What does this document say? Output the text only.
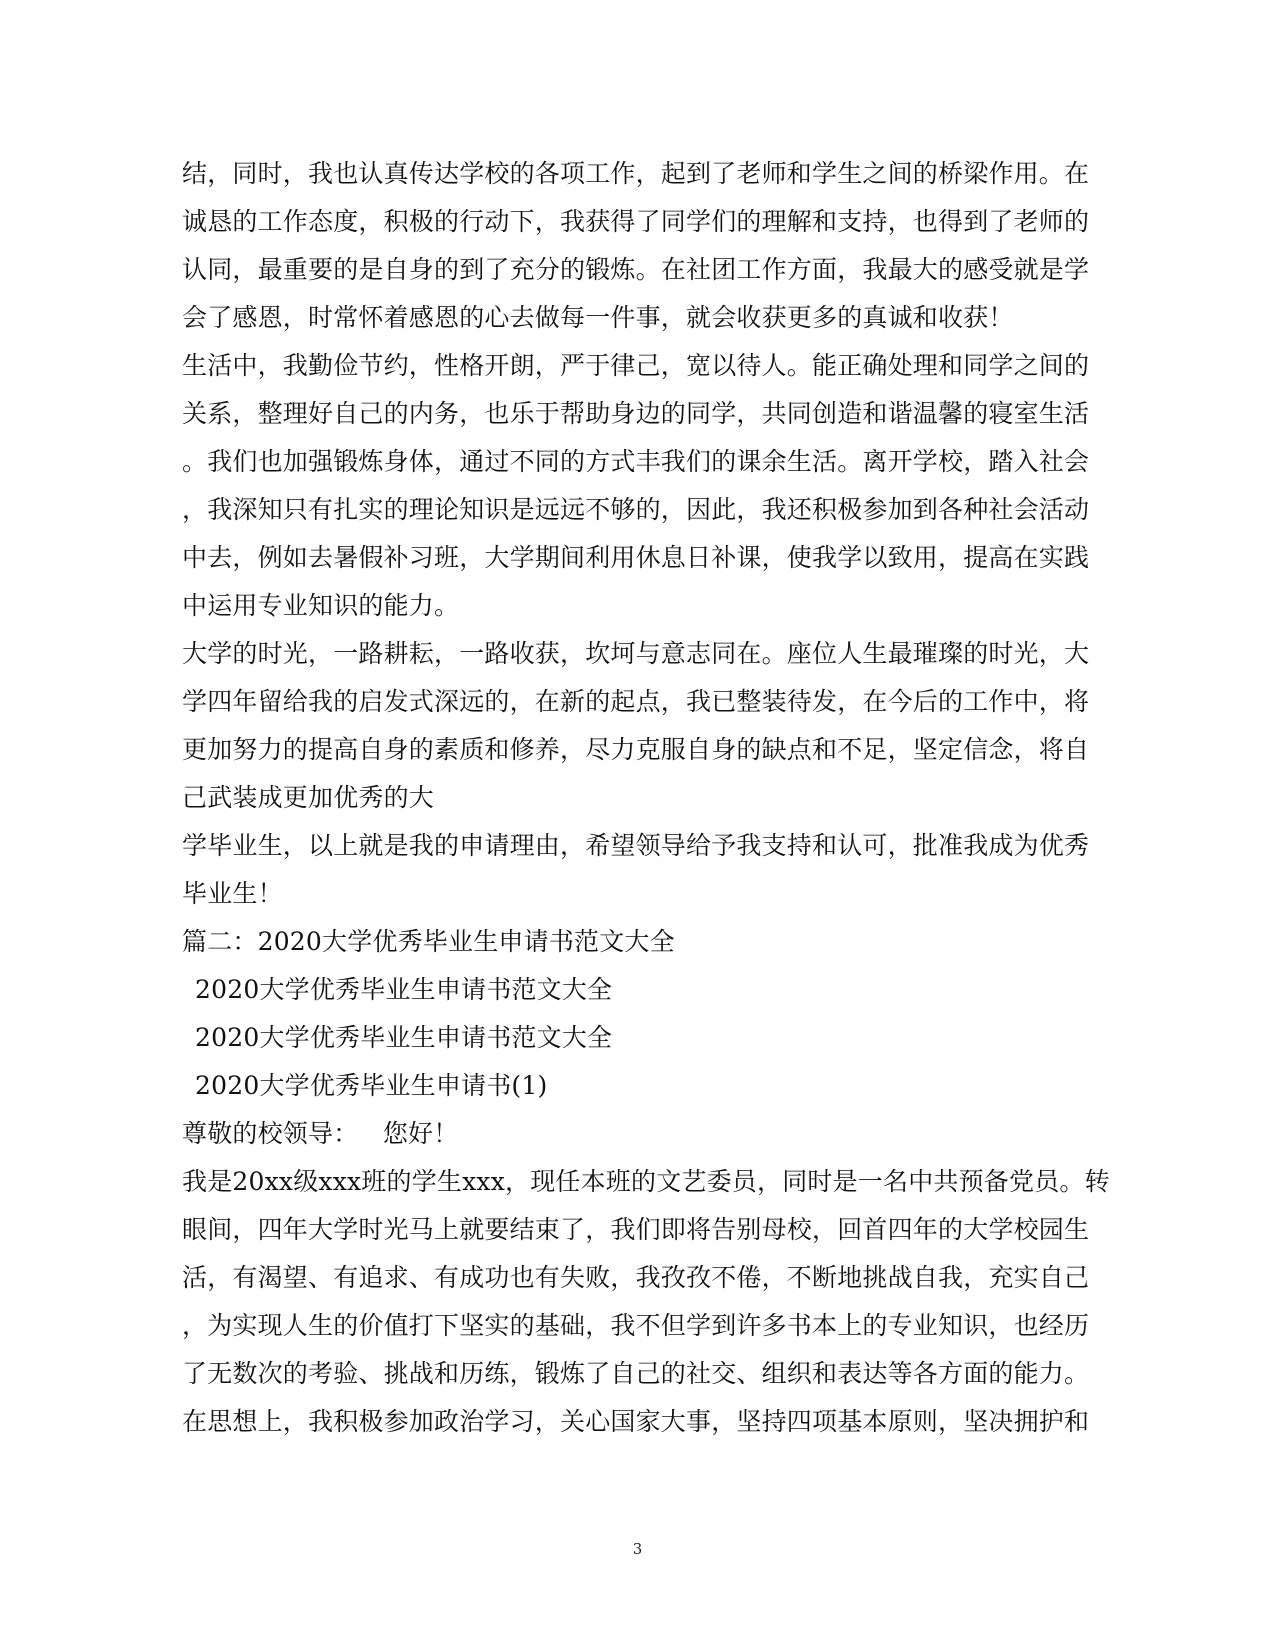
结，同时，我也认真传达学校的各项工作，起到了老师和学生之间的桥梁作用。在
诚恳的工作态度，积极的行动下，我获得了同学们的理解和支持，也得到了老师的
认同，最重要的是自身的到了充分的锻炼。在社团工作方面，我最大的感受就是学
会了感恩，时常怀着感恩的心去做每一件事，就会收获更多的真诚和收获！
生活中，我勤俭节约，性格开朗，严于律己，宽以待人。能正确处理和同学之间的
关系，整理好自己的内务，也乐于帮助身边的同学，共同创造和谐温馨的寝室生活
。我们也加强锻炼身体，通过不同的方式丰我们的课余生活。离开学校，踏入社会
，我深知只有扎实的理论知识是远远不够的，因此，我还积极参加到各种社会活动
中去，例如去暑假补习班，大学期间利用休息日补课，使我学以致用，提高在实践
中运用专业知识的能力。
大学的时光，一路耕耘，一路收获，坎坷与意志同在。座位人生最璀璨的时光，大
学四年留给我的启发式深远的，在新的起点，我已整装待发，在今后的工作中，将
更加努力的提高自身的素质和修养，尽力克服自身的缺点和不足，坚定信念，将自
己武装成更加优秀的大
学毕业生，以上就是我的申请理由，希望领导给予我支持和认可，批准我成为优秀
毕业生！
篇二：2020大学优秀毕业生申请书范文大全
2020大学优秀毕业生申请书范文大全
2020大学优秀毕业生申请书范文大全
2020大学优秀毕业生申请书(1)
尊敬的校领导：   您好！
我是20xx级xxx班的学生xxx，现任本班的文艺委员，同时是一名中共预备党员。转
眼间，四年大学时光马上就要结束了，我们即将告别母校，回首四年的大学校园生
活，有渴望、有追求、有成功也有失败，我孜孜不倦，不断地挑战自我，充实自己
，为实现人生的价值打下坚实的基础，我不但学到许多书本上的专业知识，也经历
了无数次的考验、挑战和历练，锻炼了自己的社交、组织和表达等各方面的能力。
在思想上，我积极参加政治学习，关心国家大事，坚持四项基本原则，坚决拥护和
3
